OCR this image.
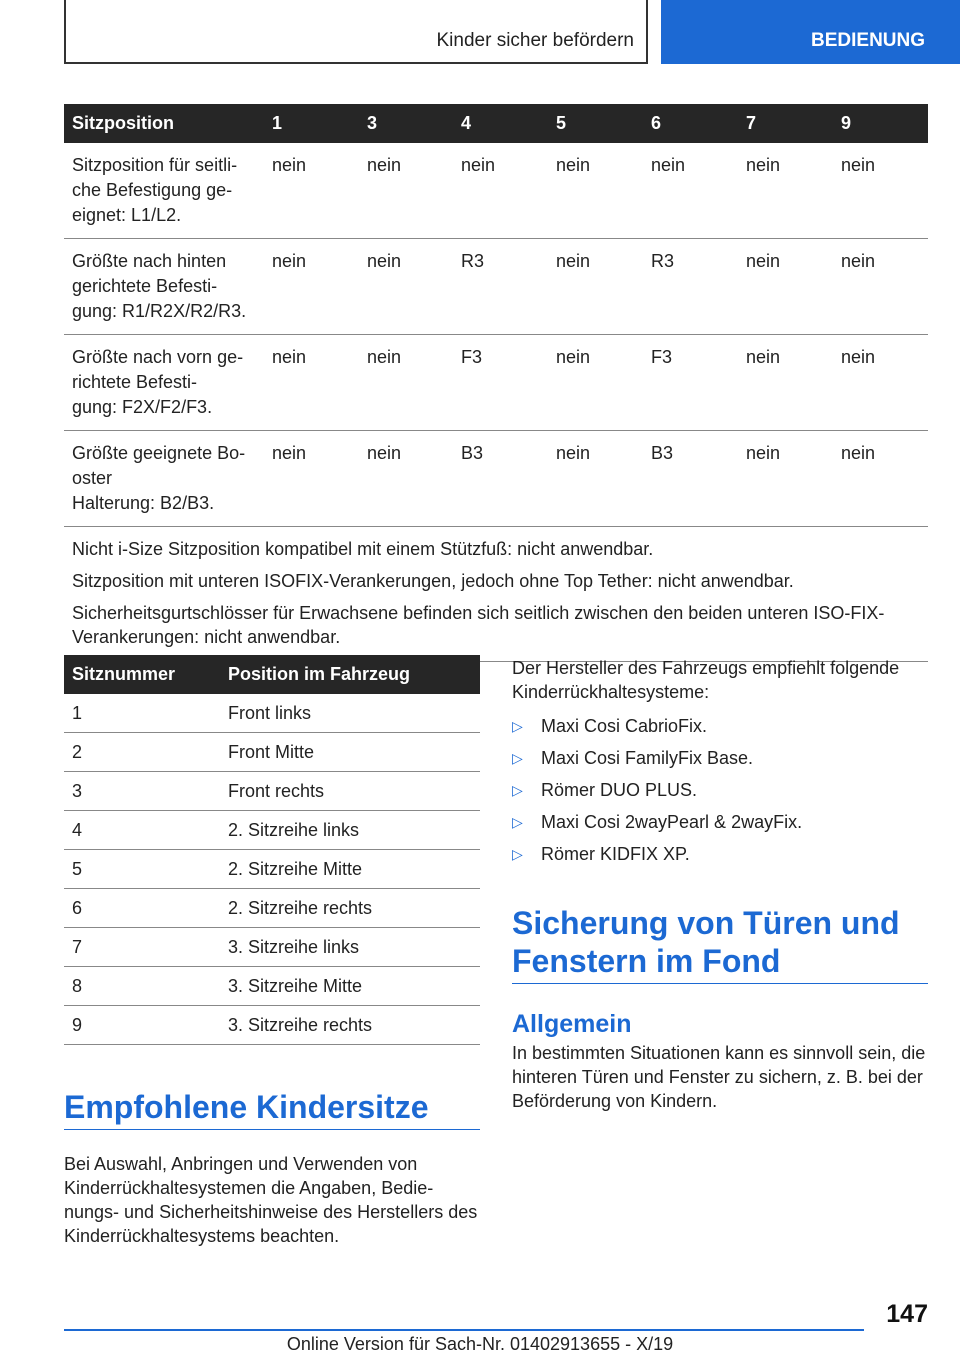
Kinder sicher befördern	BEDIENUNG
Sitzposition	1	3	4	5	6	7	9
Sitzposition für seitli-
che Befestigung ge-
eignet: L1/L2.	nein	nein	nein	nein	nein	nein	nein
Größte nach hinten
gerichtete Befesti-
gung: R1/R2X/R2/R3.	nein	nein	R3	nein	R3	nein	nein
Größte nach vorn ge-
richtete Befesti-
gung: F2X/F2/F3.	nein	nein	F3	nein	F3	nein	nein
Größte geeignete Bo-
oster
Halterung: B2/B3.	nein	nein	B3	nein	B3	nein	nein

Nicht i-Size Sitzposition kompatibel mit einem Stützfuß: nicht anwendbar.

Sitzposition mit unteren ISOFIX-Verankerungen, jedoch ohne Top Tether: nicht anwendbar.

Sicherheitsgurtschlösser für Erwachsene befinden sich seitlich zwischen den beiden unteren ISO-FIX-Verankerungen: nicht anwendbar.							

Sitznummer	Position im Fahrzeug
1	Front links
2	Front Mitte
3	Front rechts
4	2. Sitzreihe links
5	2. Sitzreihe Mitte
6	2. Sitzreihe rechts
7	3. Sitzreihe links
8	3. Sitzreihe Mitte
9	3. Sitzreihe rechts
Empfohlene Kindersitze

Bei Auswahl, Anbringen und Verwenden von Kinderrückhaltesystemen die Angaben, Bedie-nungs- und Sicherheitshinweise des Herstellers des Kinderrückhaltesystems beachten.

Der Hersteller des Fahrzeugs empfiehlt folgende Kinderrückhaltesysteme:

▷ Maxi Cosi CabrioFix.
▷ Maxi Cosi FamilyFix Base.
▷ Römer DUO PLUS.
▷ Maxi Cosi 2wayPearl & 2wayFix.
▷ Römer KIDFIX XP.
Sicherung von Türen und Fenstern im Fond
Allgemein

In bestimmten Situationen kann es sinnvoll sein, die hinteren Türen und Fenster zu sichern, z. B. bei der Beförderung von Kindern.

147
Online Version für Sach-Nr. 01402913655 - X/19
